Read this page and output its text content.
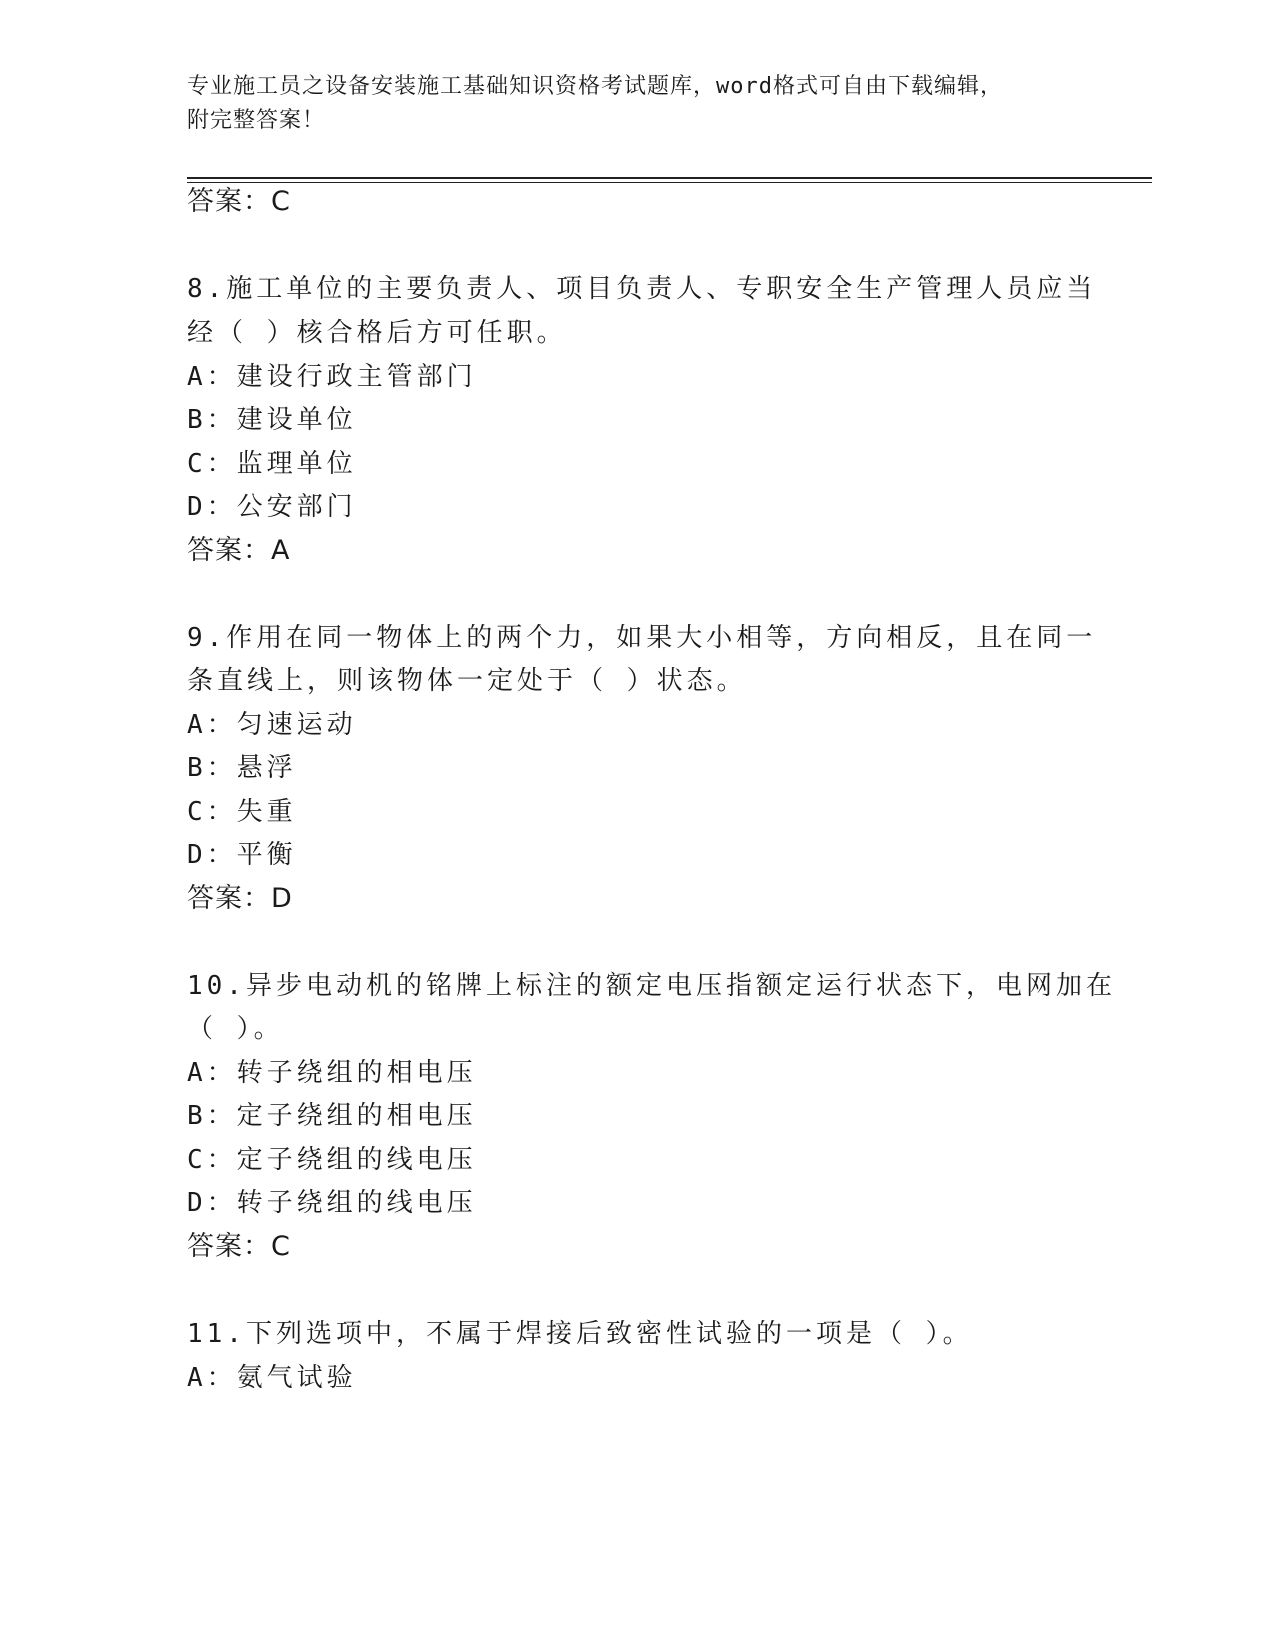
专业施工员之设备安装施工基础知识资格考试题库，word格式可自由下载编辑，
附完整答案！
答案：C
8.施工单位的主要负责人、项目负责人、专职安全生产管理人员应当
经（ ）核合格后方可任职。
A：建设行政主管部门
B：建设单位
C：监理单位
D：公安部门
答案：A
9.作用在同一物体上的两个力，如果大小相等，方向相反，且在同一
条直线上，则该物体一定处于（ ）状态。
A：匀速运动
B：悬浮
C：失重
D：平衡
答案：D
10.异步电动机的铭牌上标注的额定电压指额定运行状态下，电网加在
（ ）。
A：转子绕组的相电压
B：定子绕组的相电压
C：定子绕组的线电压
D：转子绕组的线电压
答案：C
11.下列选项中，不属于焊接后致密性试验的一项是（ ）。
A：氨气试验
